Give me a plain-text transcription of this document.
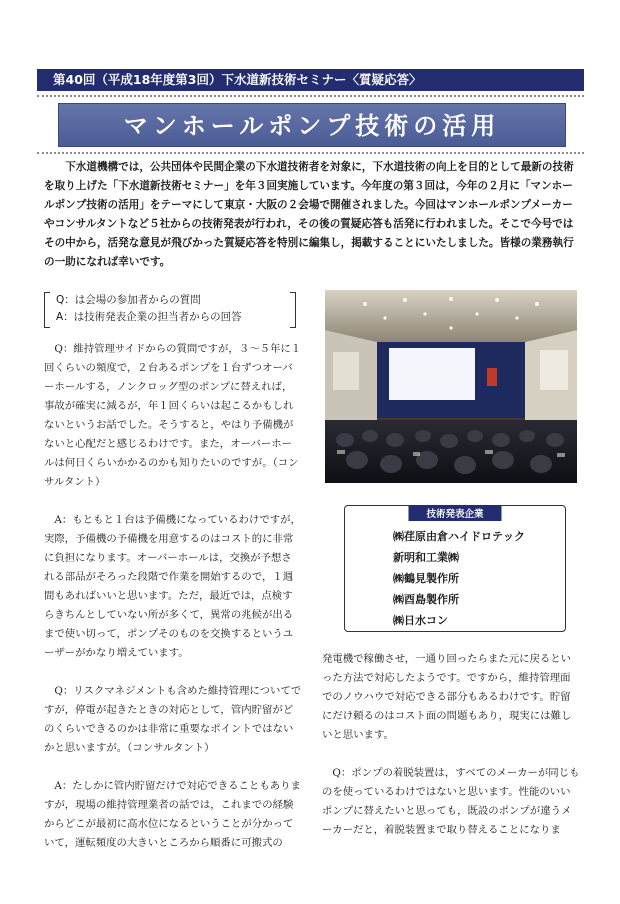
第40回（平成18年度第3回）下水道新技術セミナー〈質疑応答〉
マンホールポンプ技術の活用

下水道機構では，公共団体や民間企業の下水道技術者を対象に，下水道技術の向上を目的として最新の技術を取り上げた「下水道新技術セミナー」を年３回実施しています。今年度の第３回は，今年の２月に「マンホールポンプ技術の活用」をテーマにして東京・大阪の２会場で開催されました。今回はマンホールポンプメーカーやコンサルタントなど５社からの技術発表が行われ，その後の質疑応答も活発に行われました。そこで今号ではその中から，活発な意見が飛びかった質疑応答を特別に編集し，掲載することにいたしました。皆様の業務執行の一助になれば幸いです。

Q：は会場の参加者からの質問
A：は技術発表企業の担当者からの回答

Q：維持管理サイドからの質問ですが，３～５年に１回くらいの頻度で，２台あるポンプを１台ずつオーバーホールする，ノンクロッグ型のポンプに替えれば，事故が確実に減るが，年１回くらいは起こるかもしれないというお話でした。そうすると，やはり予備機がないと心配だと感じるわけです。また，オーバーホールは何日くらいかかるのかも知りたいのですが。（コンサルタント）

A：もともと１台は予備機になっているわけですが，実際，予備機の予備機を用意するのはコスト的に非常に負担になります。オーバーホールは，交換が予想される部品がそろった段階で作業を開始するので，１週間もあればいいと思います。ただ，最近では，点検すらきちんとしていない所が多くて，異常の兆候が出るまで使い切って，ポンプそのものを交換するというユーザーがかなり増えています。

Q：リスクマネジメントも含めた維持管理についてですが，停電が起きたときの対応として，管内貯留がどのくらいできるのかは非常に重要なポイントではないかと思いますが。（コンサルタント）

A：たしかに管内貯留だけで対応できることもありますが，現場の維持管理業者の話では，これまでの経験からどこが最初に高水位になるということが分かっていて，運転頻度の大きいところから順番に可搬式の

技術発表企業
㈱荏原由倉ハイドロテック
新明和工業㈱
㈱鶴見製作所
㈱酉島製作所
㈱日水コン

発電機で稼働させ，一通り回ったらまた元に戻るといった方法で対応したようです。ですから，維持管理面でのノウハウで対応できる部分もあるわけです。貯留にだけ頼るのはコスト面の問題もあり，現実には難しいと思います。

Q：ポンプの着脱装置は，すべてのメーカーが同じものを使っているわけではないと思います。性能のいいポンプに替えたいと思っても，既設のポンプが違うメーカーだと，着脱装置まで取り替えることになりま
